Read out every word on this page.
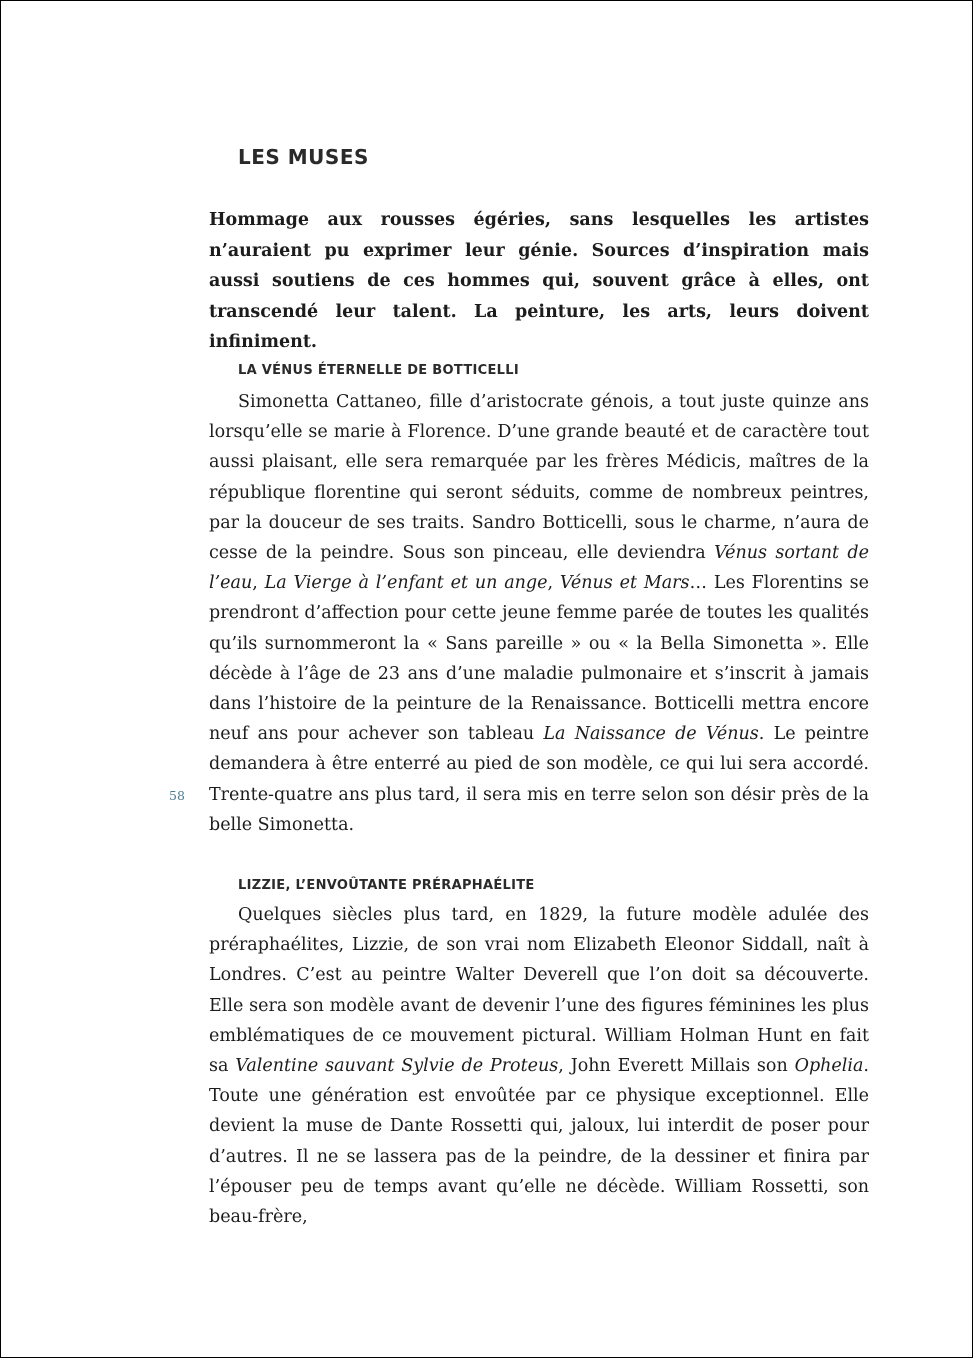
LES MUSES

Hommage aux rousses égéries, sans lesquelles les artistes n’auraient pu exprimer leur génie. Sources d’inspiration mais aussi soutiens de ces hommes qui, souvent grâce à elles, ont transcendé leur talent. La peinture, les arts, leurs doivent infiniment.

LA VÉNUS ÉTERNELLE DE BOTTICELLI

Simonetta Cattaneo, fille d’aristocrate génois, a tout juste quinze ans lorsqu’elle se marie à Florence. D’une grande beauté et de caractère tout aussi plaisant, elle sera remarquée par les frères Médicis, maîtres de la république florentine qui seront séduits, comme de nombreux peintres, par la douceur de ses traits. Sandro Botticelli, sous le charme, n’aura de cesse de la peindre. Sous son pinceau, elle deviendra Vénus sortant de l’eau, La Vierge à l’enfant et un ange, Vénus et Mars… Les Florentins se prendront d’affection pour cette jeune femme parée de toutes les qualités qu’ils surnommeront la « Sans pareille » ou « la Bella Simonetta ». Elle décède à l’âge de 23 ans d’une maladie pulmonaire et s’inscrit à jamais dans l’histoire de la peinture de la Renaissance. Botticelli mettra encore neuf ans pour achever son tableau La Naissance de Vénus. Le peintre demandera à être enterré au pied de son modèle, ce qui lui sera accordé. Trente-quatre ans plus tard, il sera mis en terre selon son désir près de la belle Simonetta.

58
LIZZIE, L’ENVOÛTANTE PRÉRAPHAÉLITE

Quelques siècles plus tard, en 1829, la future modèle adulée des préraphaélites, Lizzie, de son vrai nom Elizabeth Eleonor Siddall, naît à Londres. C’est au peintre Walter Deverell que l’on doit sa découverte. Elle sera son modèle avant de devenir l’une des figures féminines les plus emblématiques de ce mouvement pictural. William Holman Hunt en fait sa Valentine sauvant Sylvie de Proteus, John Everett Millais son Ophelia. Toute une génération est envoûtée par ce physique exceptionnel. Elle devient la muse de Dante Rossetti qui, jaloux, lui interdit de poser pour d’autres. Il ne se lassera pas de la peindre, de la dessiner et finira par l’épouser peu de temps avant qu’elle ne décède. William Rossetti, son beau-frère,
